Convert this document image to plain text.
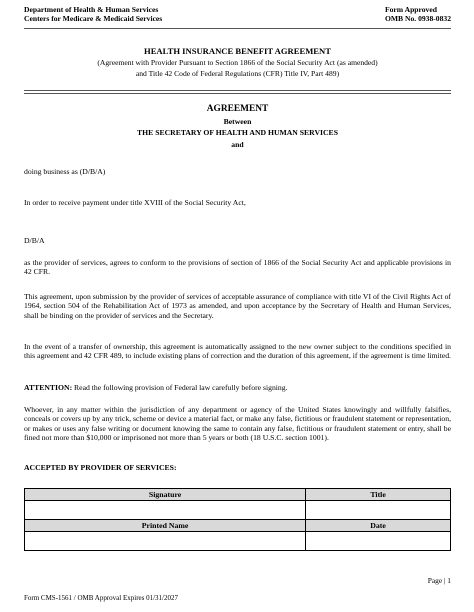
Department of Health & Human Services
Centers for Medicare & Medicaid Services
Form Approved
OMB No. 0938-0832
HEALTH INSURANCE BENEFIT AGREEMENT
(Agreement with Provider Pursuant to Section 1866 of the Social Security Act (as amended)
and Title 42 Code of Federal Regulations (CFR) Title IV, Part 489)
AGREEMENT
Between
THE SECRETARY OF HEALTH AND HUMAN SERVICES
and
doing business as (D/B/A)
In order to receive payment under title XVIII of the Social Security Act,
D/B/A
as the provider of services, agrees to conform to the provisions of section of 1866 of the Social Security Act and applicable provisions in 42 CFR.
This agreement, upon submission by the provider of services of acceptable assurance of compliance with title VI of the Civil Rights Act of 1964, section 504 of the Rehabilitation Act of 1973 as amended, and upon acceptance by the Secretary of Health and Human Services, shall be binding on the provider of services and the Secretary.
In the event of a transfer of ownership, this agreement is automatically assigned to the new owner subject to the conditions specified in this agreement and 42 CFR 489, to include existing plans of correction and the duration of this agreement, if the agreement is time limited.
ATTENTION: Read the following provision of Federal law carefully before signing.
Whoever, in any matter within the jurisdiction of any department or agency of the United States knowingly and willfully falsifies, conceals or covers up by any trick, scheme or device a material fact, or make any false, fictitious or fraudulent statement or representation, or makes or uses any false writing or document knowing the same to contain any false, fictitious or fraudulent statement or entry, shall be fined not more than $10,000 or imprisoned not more than 5 years or both (18 U.S.C. section 1001).
ACCEPTED BY PROVIDER OF SERVICES:
Signature	Title

Printed Name	Date

Page | 1
Form CMS-1561 / OMB Approval Expires 01/31/2027
